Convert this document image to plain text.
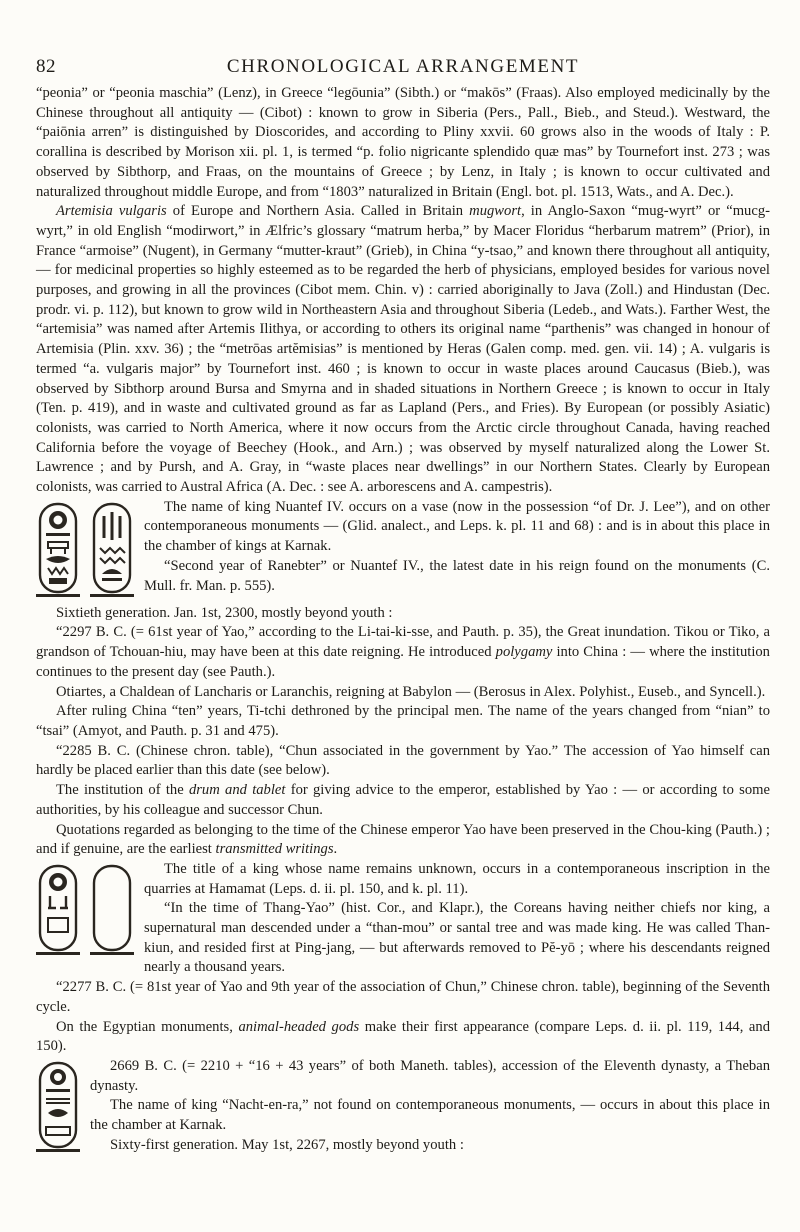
82	CHRONOLOGICAL ARRANGEMENT

“peonia” or “peonia maschia” (Lenz), in Greece “legōunia” (Sibth.) or “makōs” (Fraas). Also employed medicinally by the Chinese throughout all antiquity — (Cibot) : known to grow in Siberia (Pers., Pall., Bieb., and Steud.). Westward, the “paiōnia arren” is distinguished by Dioscorides, and according to Pliny xxvii. 60 grows also in the woods of Italy : P. corallina is described by Morison xii. pl. 1, is termed “p. folio nigricante splendido quæ mas” by Tournefort inst. 273 ; was observed by Sibthorp, and Fraas, on the mountains of Greece ; by Lenz, in Italy ; is known to occur cultivated and naturalized throughout middle Europe, and from “1803” naturalized in Britain (Engl. bot. pl. 1513, Wats., and A. Dec.).

Artemisia vulgaris of Europe and Northern Asia. Called in Britain mugwort, in Anglo-Saxon “mug-wyrt” or “mucg-wyrt,” in old English “modirwort,” in Ælfric’s glossary “matrum herba,” by Macer Floridus “herbarum matrem” (Prior), in France “armoise” (Nugent), in Germany “mutter-kraut” (Grieb), in China “y-tsao,” and known there throughout all antiquity, — for medicinal properties so highly esteemed as to be regarded the herb of physicians, employed besides for various novel purposes, and growing in all the provinces (Cibot mem. Chin. v) : carried aboriginally to Java (Zoll.) and Hindustan (Dec. prodr. vi. p. 112), but known to grow wild in Northeastern Asia and throughout Siberia (Ledeb., and Wats.). Farther West, the “artemisia” was named after Artemis Ilithya, or according to others its original name “parthenis” was changed in honour of Artemisia (Plin. xxv. 36) ; the “metrōas artĕmisias” is mentioned by Heras (Galen comp. med. gen. vii. 14) ; A. vulgaris is termed “a. vulgaris major” by Tournefort inst. 460 ; is known to occur in waste places around Caucasus (Bieb.), was observed by Sibthorp around Bursa and Smyrna and in shaded situations in Northern Greece ; is known to occur in Italy (Ten. p. 419), and in waste and cultivated ground as far as Lapland (Pers., and Fries). By European (or possibly Asiatic) colonists, was carried to North America, where it now occurs from the Arctic circle throughout Canada, having reached California before the voyage of Beechey (Hook., and Arn.) ; was observed by myself naturalized along the Lower St. Lawrence ; and by Pursh, and A. Gray, in “waste places near dwellings” in our Northern States. Clearly by European colonists, was carried to Austral Africa (A. Dec. : see A. arborescens and A. campestris).

The name of king Nuantef IV. occurs on a vase (now in the possession “of Dr. J. Lee”), and on other contemporaneous monuments — (Glid. analect., and Leps. k. pl. 11 and 68) : and is in about this place in the chamber of kings at Karnak.

“Second year of Ranebter” or Nuantef IV., the latest date in his reign found on the monuments (C. Mull. fr. Man. p. 555).

Sixtieth generation. Jan. 1st, 2300, mostly beyond youth :

“2297 B. C. (= 61st year of Yao,” according to the Li-tai-ki-sse, and Pauth. p. 35), the Great inundation. Tikou or Tiko, a grandson of Tchouan-hiu, may have been at this date reigning. He introduced polygamy into China : — where the institution continues to the present day (see Pauth.).

Otiartes, a Chaldean of Lancharis or Laranchis, reigning at Babylon — (Berosus in Alex. Polyhist., Euseb., and Syncell.).

After ruling China “ten” years, Ti-tchi dethroned by the principal men. The name of the years changed from “nian” to “tsai” (Amyot, and Pauth. p. 31 and 475).

“2285 B. C. (Chinese chron. table), “Chun associated in the government by Yao.” The accession of Yao himself can hardly be placed earlier than this date (see below).

The institution of the drum and tablet for giving advice to the emperor, established by Yao : — or according to some authorities, by his colleague and successor Chun.

Quotations regarded as belonging to the time of the Chinese emperor Yao have been preserved in the Chou-king (Pauth.) ; and if genuine, are the earliest transmitted writings.

The title of a king whose name remains unknown, occurs in a contemporaneous inscription in the quarries at Hamamat (Leps. d. ii. pl. 150, and k. pl. 11).

“In the time of Thang-Yao” (hist. Cor., and Klapr.), the Coreans having neither chiefs nor king, a supernatural man descended under a “than-mou” or santal tree and was made king. He was called Than-kiun, and resided first at Ping-jang, — but afterwards removed to Pĕ-yō ; where his descendants reigned nearly a thousand years.

“2277 B. C. (= 81st year of Yao and 9th year of the association of Chun,” Chinese chron. table), beginning of the Seventh cycle.

On the Egyptian monuments, animal-headed gods make their first appearance (compare Leps. d. ii. pl. 119, 144, and 150).

2669 B. C. (= 2210 + “16 + 43 years” of both Maneth. tables), accession of the Eleventh dynasty, a Theban dynasty.

The name of king “Nacht-en-ra,” not found on contemporaneous monuments, — occurs in about this place in the chamber at Karnak.

Sixty-first generation. May 1st, 2267, mostly beyond youth :
